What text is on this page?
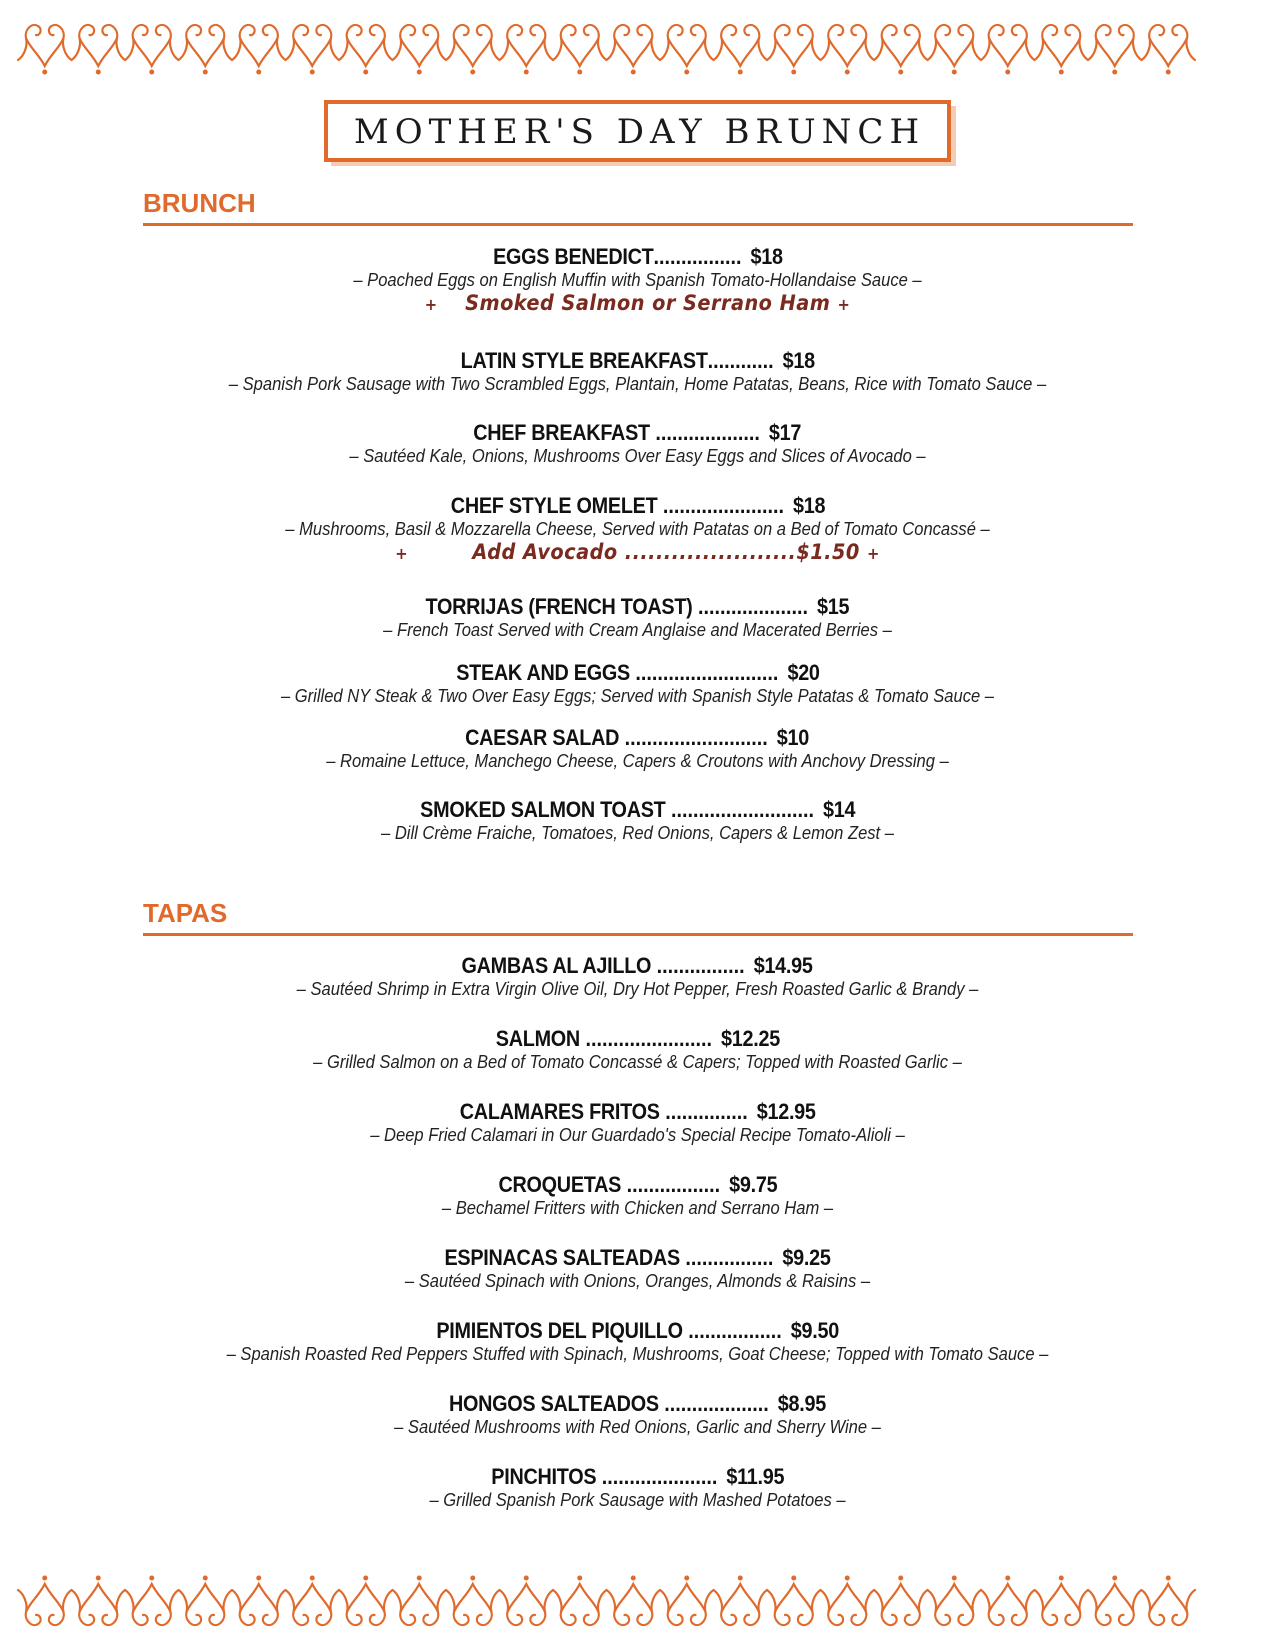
MOTHER'S DAY BRUNCH
BRUNCH
EGGS BENEDICT................ $18
– Poached Eggs on English Muffin with Spanish Tomato-Hollandaise Sauce –
+ Smoked Salmon or Serrano Ham +
LATIN STYLE BREAKFAST............ $18
– Spanish Pork Sausage with Two Scrambled Eggs, Plantain, Home Patatas, Beans, Rice with Tomato Sauce –
CHEF BREAKFAST ................... $17
– Sautéed Kale, Onions, Mushrooms Over Easy Eggs and Slices of Avocado –
CHEF STYLE OMELET ...................... $18
– Mushrooms, Basil & Mozzarella Cheese, Served with Patatas on a Bed of Tomato Concassé –
+	Add Avocado ......................$1.50 +
TORRIJAS (FRENCH TOAST) .................... $15
– French Toast Served with Cream Anglaise and Macerated Berries –
STEAK AND EGGS .......................... $20
– Grilled NY Steak & Two Over Easy Eggs; Served with Spanish Style Patatas & Tomato Sauce –
CAESAR SALAD .......................... $10
– Romaine Lettuce, Manchego Cheese, Capers & Croutons with Anchovy Dressing –
SMOKED SALMON TOAST .......................... $14
– Dill Crème Fraiche, Tomatoes, Red Onions, Capers & Lemon Zest –
TAPAS
GAMBAS AL AJILLO ................ $14.95
– Sautéed Shrimp in Extra Virgin Olive Oil, Dry Hot Pepper, Fresh Roasted Garlic & Brandy –
SALMON ....................... $12.25
– Grilled Salmon on a Bed of Tomato Concassé & Capers; Topped with Roasted Garlic –
CALAMARES FRITOS ............... $12.95
– Deep Fried Calamari in Our Guardado's Special Recipe Tomato-Alioli –
CROQUETAS ................. $9.75
– Bechamel Fritters with Chicken and Serrano Ham –
ESPINACAS SALTEADAS ................ $9.25
– Sautéed Spinach with Onions, Oranges, Almonds & Raisins –
PIMIENTOS DEL PIQUILLO ................. $9.50
– Spanish Roasted Red Peppers Stuffed with Spinach, Mushrooms, Goat Cheese; Topped with Tomato Sauce –
HONGOS SALTEADOS ................... $8.95
– Sautéed Mushrooms with Red Onions, Garlic and Sherry Wine –
PINCHITOS ..................... $11.95
– Grilled Spanish Pork Sausage with Mashed Potatoes –
